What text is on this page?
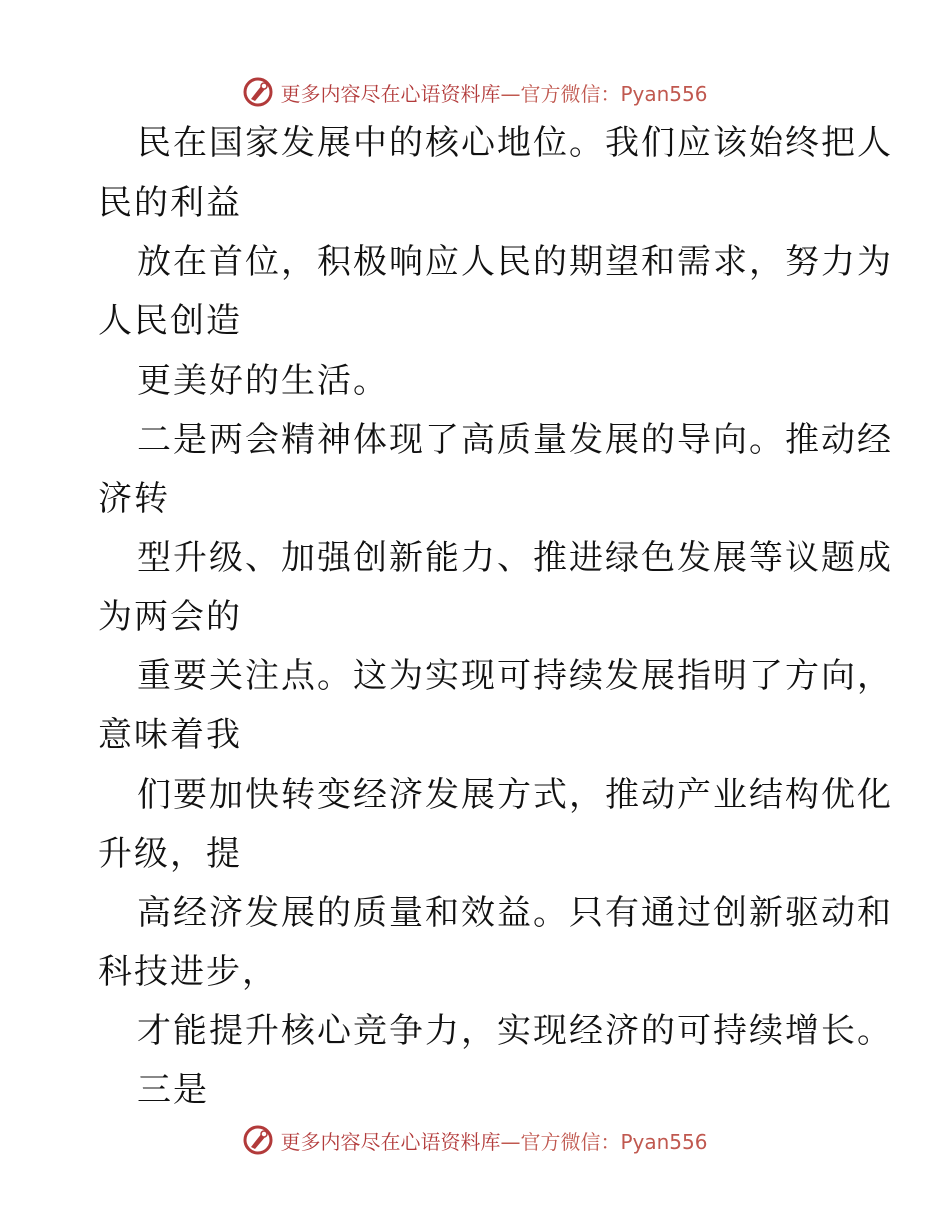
更多内容尽在心语资料库 —官方微信：Pyan556
民在国家发展中的核心地位。我们应该始终把人
民的利益
放在首位，积极响应人民的期望和需求，努力为
人民创造
更美好的生活。
二是两会精神体现了高质量发展的导向。推动经
济转
型升级、加强创新能力、推进绿色发展等议题成
为两会的
重要关注点。这为实现可持续发展指明了方向，
意味着我
们要加快转变经济发展方式，推动产业结构优化
升级，提
高经济发展的质量和效益。只有通过创新驱动和
科技进步，
才能提升核心竞争力，实现经济的可持续增长。
三是
更多内容尽在心语资料库 —官方微信：Pyan556
